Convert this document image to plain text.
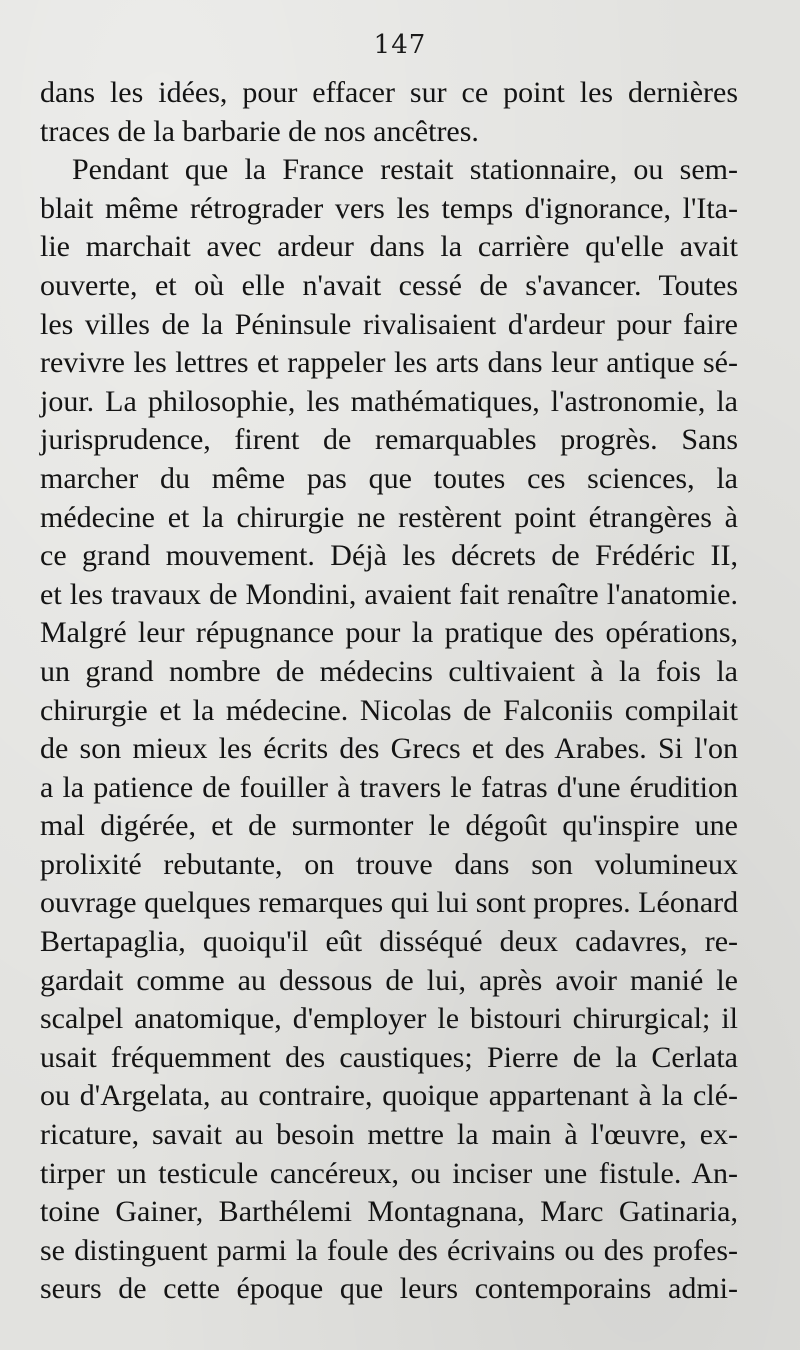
147
dans les idées, pour effacer sur ce point les dernières
traces de la barbarie de nos ancêtres.
Pendant que la France restait stationnaire, ou sem-
blait même rétrograder vers les temps d'ignorance, l'Ita-
lie marchait avec ardeur dans la carrière qu'elle avait
ouverte, et où elle n'avait cessé de s'avancer. Toutes
les villes de la Péninsule rivalisaient d'ardeur pour faire
revivre les lettres et rappeler les arts dans leur antique sé-
jour. La philosophie, les mathématiques, l'astronomie, la
jurisprudence, firent de remarquables progrès. Sans
marcher du même pas que toutes ces sciences, la
médecine et la chirurgie ne restèrent point étrangères à
ce grand mouvement. Déjà les décrets de Frédéric II,
et les travaux de Mondini, avaient fait renaître l'anatomie.
Malgré leur répugnance pour la pratique des opérations,
un grand nombre de médecins cultivaient à la fois la
chirurgie et la médecine. Nicolas de Falconiis compilait
de son mieux les écrits des Grecs et des Arabes. Si l'on
a la patience de fouiller à travers le fatras d'une érudition
mal digérée, et de surmonter le dégoût qu'inspire une
prolixité rebutante, on trouve dans son volumineux
ouvrage quelques remarques qui lui sont propres. Léonard
Bertapaglia, quoiqu'il eût disséqué deux cadavres, re-
gardait comme au dessous de lui, après avoir manié le
scalpel anatomique, d'employer le bistouri chirurgical; il
usait fréquemment des caustiques; Pierre de la Cerlata
ou d'Argelata, au contraire, quoique appartenant à la clé-
ricature, savait au besoin mettre la main à l'œuvre, ex-
tirper un testicule cancéreux, ou inciser une fistule. An-
toine Gainer, Barthélemi Montagnana, Marc Gatinaria,
se distinguent parmi la foule des écrivains ou des profes-
seurs de cette époque que leurs contemporains admi-
